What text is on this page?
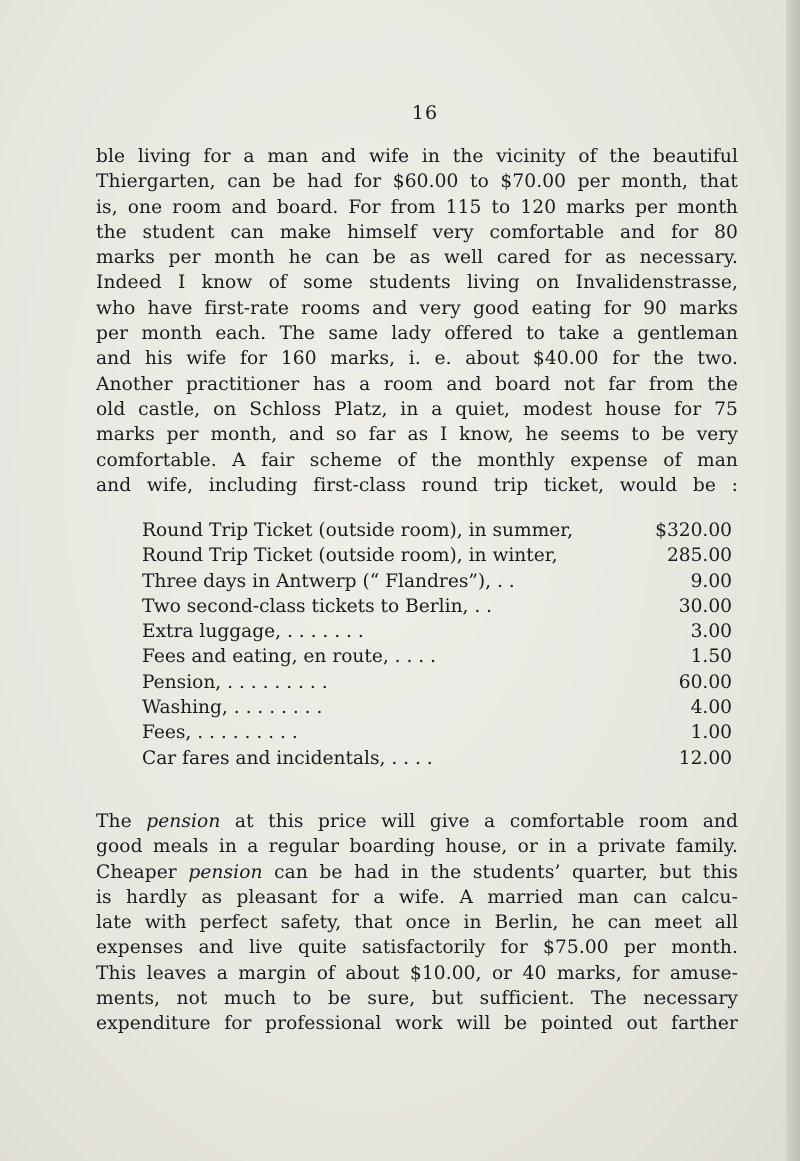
16
ble living for a man and wife in the vicinity of the beautiful
Thiergarten, can be had for $60.00 to $70.00 per month, that
is, one room and board. For from 115 to 120 marks per month
the student can make himself very comfortable and for 80
marks per month he can be as well cared for as necessary.
Indeed I know of some students living on Invalidenstrasse,
who have first-rate rooms and very good eating for 90 marks
per month each. The same lady offered to take a gentleman
and his wife for 160 marks, i. e. about $40.00 for the two.
Another practitioner has a room and board not far from the
old castle, on Schloss Platz, in a quiet, modest house for 75
marks per month, and so far as I know, he seems to be very
comfortable. A fair scheme of the monthly expense of man
and wife, including first-class round trip ticket, would be :
Round Trip Ticket (outside room), in summer,	$320.00
Round Trip Ticket (outside room), in winter,	285.00
Three days in Antwerp (“ Flandres”), . .	9.00
Two second-class tickets to Berlin, . .	30.00
Extra luggage, . . . . . . .	3.00
Fees and eating, en route, . . . .	1.50
Pension, . . . . . . . . .	60.00
Washing, . . . . . . . .	4.00
Fees, . . . . . . . . .	1.00
Car fares and incidentals, . . . .	12.00
The pension at this price will give a comfortable room and
good meals in a regular boarding house, or in a private family.
Cheaper pension can be had in the students’ quarter, but this
is hardly as pleasant for a wife. A married man can calcu-
late with perfect safety, that once in Berlin, he can meet all
expenses and live quite satisfactorily for $75.00 per month.
This leaves a margin of about $10.00, or 40 marks, for amuse-
ments, not much to be sure, but sufficient. The necessary
expenditure for professional work will be pointed out farther
